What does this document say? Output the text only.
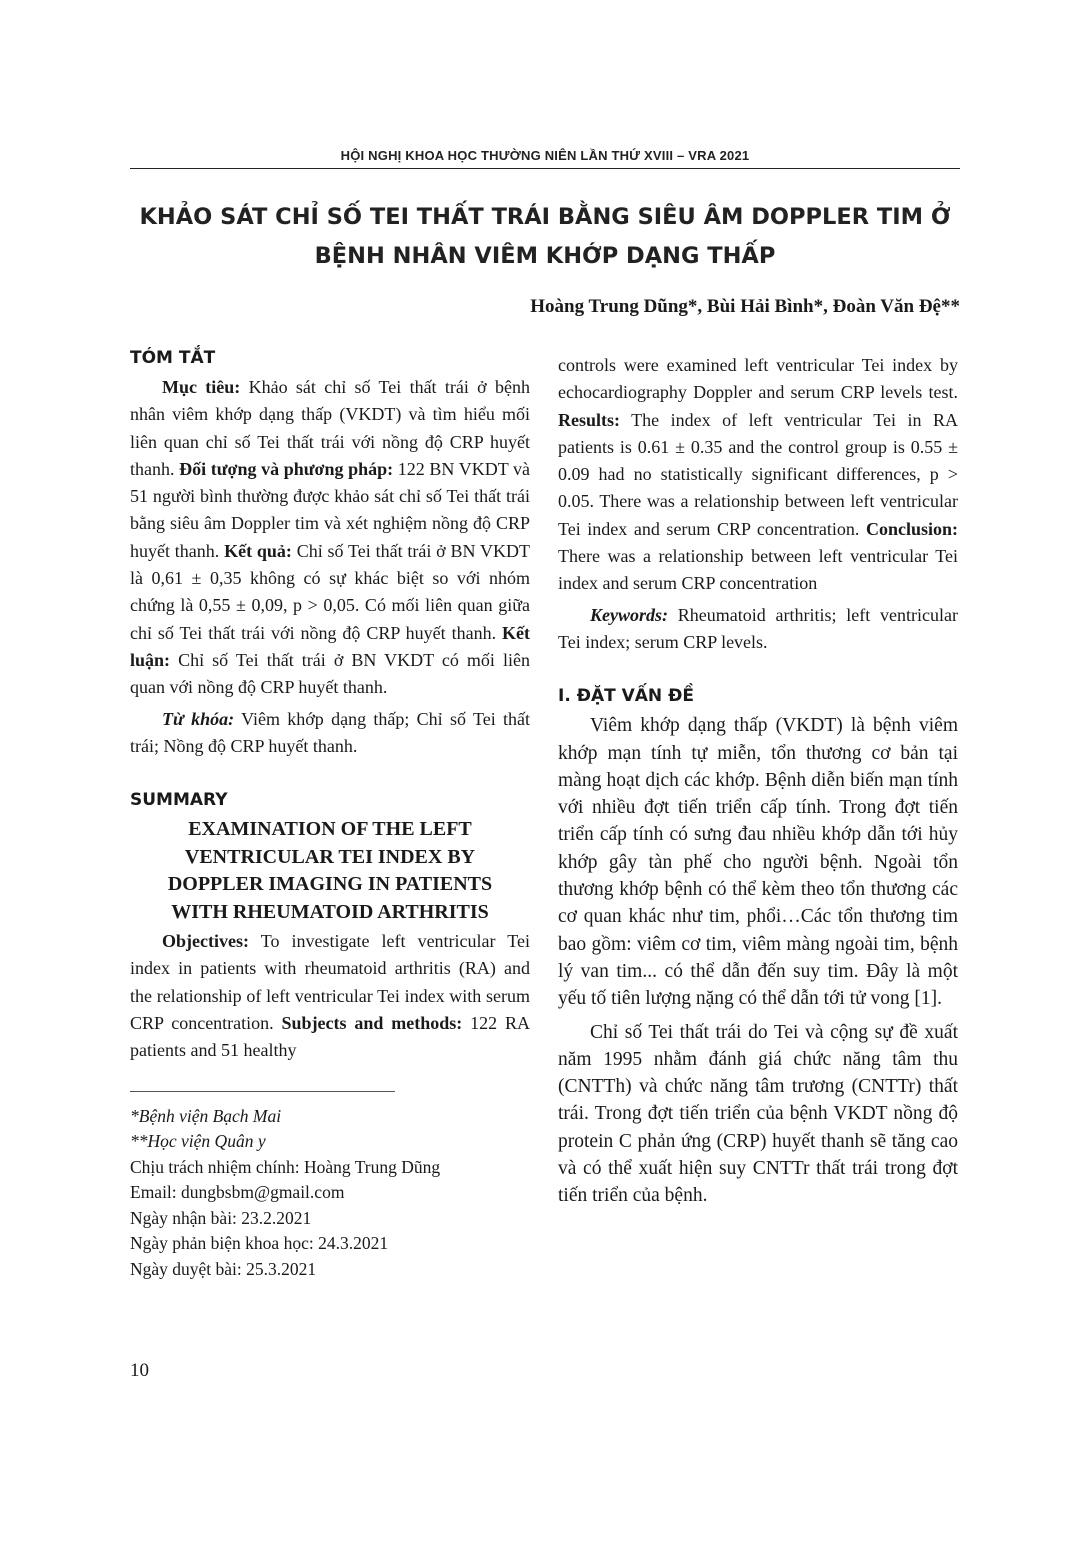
HỘI NGHỊ KHOA HỌC THƯỜNG NIÊN LẦN THỨ XVIII – VRA 2021
KHẢO SÁT CHỈ SỐ TEI THẤT TRÁI BẰNG SIÊU ÂM DOPPLER TIM Ở
BỆNH NHÂN VIÊM KHỚP DẠNG THẤP
Hoàng Trung Dũng*, Bùi Hải Bình*, Đoàn Văn Đệ**
TÓM TẮT

Mục tiêu: Khảo sát chỉ số Tei thất trái ở bệnh nhân viêm khớp dạng thấp (VKDT) và tìm hiểu mối liên quan chỉ số Tei thất trái với nồng độ CRP huyết thanh. Đối tượng và phương pháp: 122 BN VKDT và 51 người bình thường được khảo sát chỉ số Tei thất trái bằng siêu âm Doppler tim và xét nghiệm nồng độ CRP huyết thanh. Kết quả: Chỉ số Tei thất trái ở BN VKDT là 0,61 ± 0,35 không có sự khác biệt so với nhóm chứng là 0,55 ± 0,09, p > 0,05. Có mối liên quan giữa chỉ số Tei thất trái với nồng độ CRP huyết thanh. Kết luận: Chỉ số Tei thất trái ở BN VKDT có mối liên quan với nồng độ CRP huyết thanh.

Từ khóa: Viêm khớp dạng thấp; Chỉ số Tei thất trái; Nồng độ CRP huyết thanh.

SUMMARY
EXAMINATION OF THE LEFT
VENTRICULAR TEI INDEX BY
DOPPLER IMAGING IN PATIENTS
WITH RHEUMATOID ARTHRITIS

Objectives: To investigate left ventricular Tei index in patients with rheumatoid arthritis (RA) and the relationship of left ventricular Tei index with serum CRP concentration. Subjects and methods: 122 RA patients and 51 healthy

*Bệnh viện Bạch Mai

**Học viện Quân y

Chịu trách nhiệm chính: Hoàng Trung Dũng

Email: dungbsbm@gmail.com

Ngày nhận bài: 23.2.2021

Ngày phản biện khoa học: 24.3.2021

Ngày duyệt bài: 25.3.2021

controls were examined left ventricular Tei index by echocardiography Doppler and serum CRP levels test. Results: The index of left ventricular Tei in RA patients is 0.61 ± 0.35 and the control group is 0.55 ± 0.09 had no statistically significant differences, p > 0.05. There was a relationship between left ventricular Tei index and serum CRP concentration. Conclusion: There was a relationship between left ventricular Tei index and serum CRP concentration

Keywords: Rheumatoid arthritis; left ventricular Tei index; serum CRP levels.

I. ĐẶT VẤN ĐỀ

Viêm khớp dạng thấp (VKDT) là bệnh viêm khớp mạn tính tự miễn, tổn thương cơ bản tại màng hoạt dịch các khớp. Bệnh diễn biến mạn tính với nhiều đợt tiến triển cấp tính. Trong đợt tiến triển cấp tính có sưng đau nhiều khớp dẫn tới hủy khớp gây tàn phế cho người bệnh. Ngoài tổn thương khớp bệnh có thể kèm theo tổn thương các cơ quan khác như tim, phổi…Các tổn thương tim bao gồm: viêm cơ tim, viêm màng ngoài tim, bệnh lý van tim... có thể dẫn đến suy tim. Đây là một yếu tố tiên lượng nặng có thể dẫn tới tử vong [1].

Chỉ số Tei thất trái do Tei và cộng sự đề xuất năm 1995 nhằm đánh giá chức năng tâm thu (CNTTh) và chức năng tâm trương (CNTTr) thất trái. Trong đợt tiến triển của bệnh VKDT nồng độ protein C phản ứng (CRP) huyết thanh sẽ tăng cao và có thể xuất hiện suy CNTTr thất trái trong đợt tiến triển của bệnh.

10
